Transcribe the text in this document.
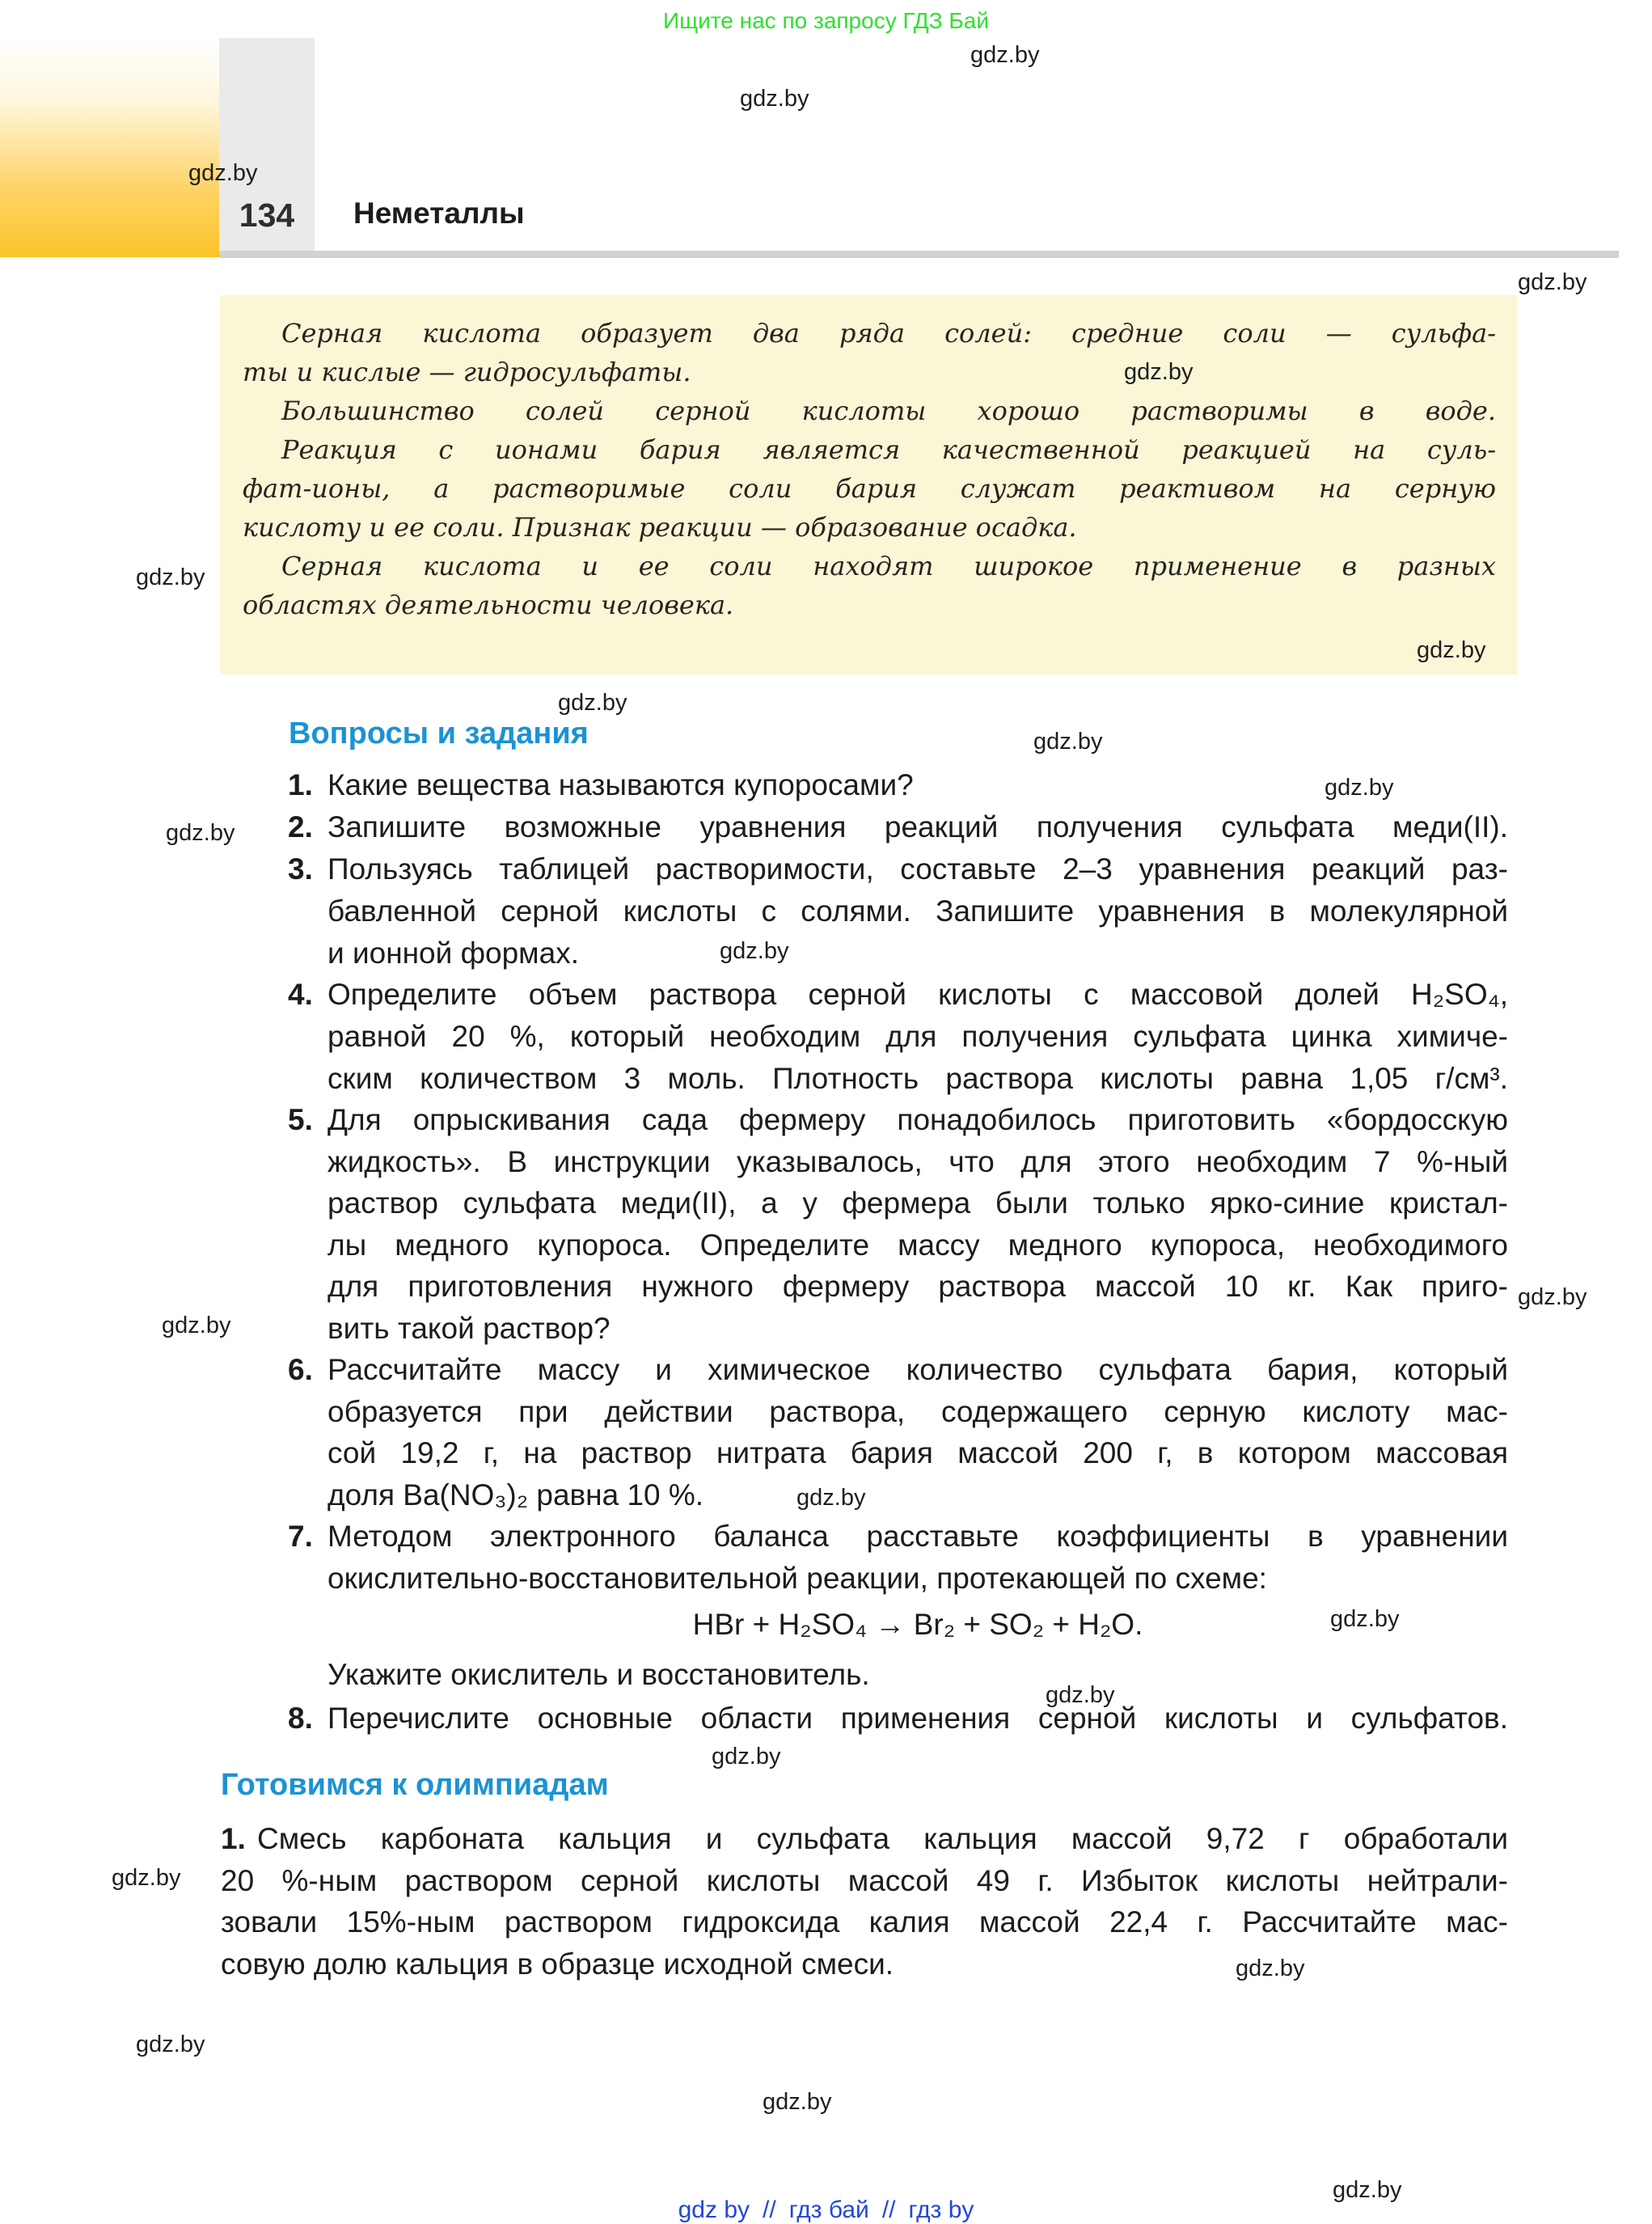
Ищите нас по запросу ГДЗ Бай
134	Неметаллы
Серная кислота образует два ряда солей: средние соли — сульфа-
ты и кислые — гидросульфаты.
Большинство солей серной кислоты хорошо растворимы в воде.
Реакция с ионами бария является качественной реакцией на суль-
фат-ионы, а растворимые соли бария служат реактивом на серную
кислоту и ее соли. Признак реакции — образование осадка.
Серная кислота и ее соли находят широкое применение в разных
областях деятельности человека.
Вопросы и задания
1. Какие вещества называются купоросами?
2. Запишите возможные уравнения реакций получения сульфата меди(II).
3. Пользуясь таблицей растворимости, составьте 2–3 уравнения реакций раз-
бавленной серной кислоты с солями. Запишите уравнения в молекулярной
и ионной формах.
4. Определите объем раствора серной кислоты с массовой долей H₂SO₄,
равной 20 %, который необходим для получения сульфата цинка химиче-
ским количеством 3 моль. Плотность раствора кислоты равна 1,05 г/см³.
5. Для опрыскивания сада фермеру понадобилось приготовить «бордосскую
жидкость». В инструкции указывалось, что для этого необходим 7 %-ный
раствор сульфата меди(II), а у фермера были только ярко-синие кристал-
лы медного купороса. Определите массу медного купороса, необходимого
для приготовления нужного фермеру раствора массой 10 кг. Как приго-
вить такой раствор?
6. Рассчитайте массу и химическое количество сульфата бария, который
образуется при действии раствора, содержащего серную кислоту мас-
сой 19,2 г, на раствор нитрата бария массой 200 г, в котором массовая
доля Ba(NO₃)₂ равна 10 %.
7. Методом электронного баланса расставьте коэффициенты в уравнении
окислительно-восстановительной реакции, протекающей по схеме:
HBr + H₂SO₄ → Br₂ + SO₂ + H₂O.
Укажите окислитель и восстановитель.
8. Перечислите основные области применения серной кислоты и сульфатов.
Готовимся к олимпиадам
1. Смесь карбоната кальция и сульфата кальция массой 9,72 г обработали
20 %-ным раствором серной кислоты массой 49 г. Избыток кислоты нейтрали-
зовали 15%-ным раствором гидроксида калия массой 22,4 г. Рассчитайте мас-
совую долю кальция в образце исходной смеси.
gdz.by
gdz.by
gdz.by
gdz.by
gdz.by
gdz.by
gdz.by
gdz.by
gdz.by
gdz.by
gdz.by
gdz.by
gdz.by
gdz.by
gdz.by
gdz.by
gdz.by
gdz.by
gdz.by
gdz.by
gdz.by
gdz.by
gdz.by
gdz by // гдз бай // гдз by
